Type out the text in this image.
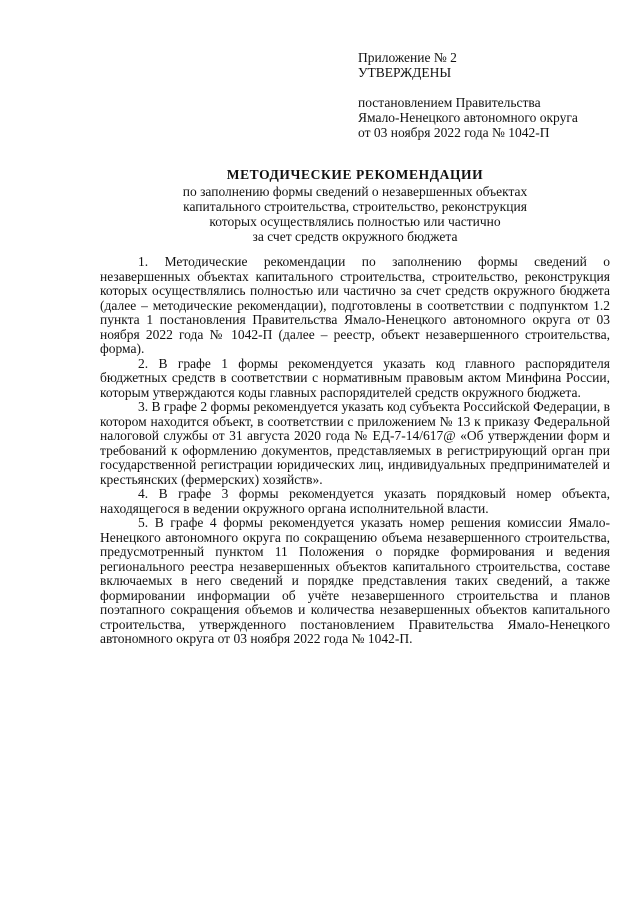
Приложение № 2
УТВЕРЖДЕНЫ
постановлением Правительства
Ямало-Ненецкого автономного округа
от 03 ноября 2022 года № 1042-П
МЕТОДИЧЕСКИЕ РЕКОМЕНДАЦИИ
по заполнению формы сведений о незавершенных объектах
капитального строительства, строительство, реконструкция
которых осуществлялись полностью или частично
за счет средств окружного бюджета

1. Методические рекомендации по заполнению формы сведений о незавершенных объектах капитального строительства, строительство, реконструкция которых осуществлялись полностью или частично за счет средств окружного бюджета (далее – методические рекомендации), подготовлены в соответствии с подпунктом 1.2 пункта 1 постановления Правительства Ямало-Ненецкого автономного округа от 03 ноября 2022 года № 1042-П (далее – реестр, объект незавершенного строительства, форма).

2. В графе 1 формы рекомендуется указать код главного распорядителя бюджетных средств в соответствии с нормативным правовым актом Минфина России, которым утверждаются коды главных распорядителей средств окружного бюджета.

3. В графе 2 формы рекомендуется указать код субъекта Российской Федерации, в котором находится объект, в соответствии с приложением № 13 к приказу Федеральной налоговой службы от 31 августа 2020 года № ЕД-7-14/617@ «Об утверждении форм и требований к оформлению документов, представляемых в регистрирующий орган при государственной регистрации юридических лиц, индивидуальных предпринимателей и крестьянских (фермерских) хозяйств».

4. В графе 3 формы рекомендуется указать порядковый номер объекта, находящегося в ведении окружного органа исполнительной власти.

5. В графе 4 формы рекомендуется указать номер решения комиссии Ямало-Ненецкого автономного округа по сокращению объема незавершенного строительства, предусмотренный пунктом 11 Положения о порядке формирования и ведения регионального реестра незавершенных объектов капитального строительства, составе включаемых в него сведений и порядке представления таких сведений, а также формировании информации об учёте незавершенного строительства и планов поэтапного сокращения объемов и количества незавершенных объектов капитального строительства, утвержденного постановлением Правительства Ямало-Ненецкого автономного округа от 03 ноября 2022 года № 1042-П.
